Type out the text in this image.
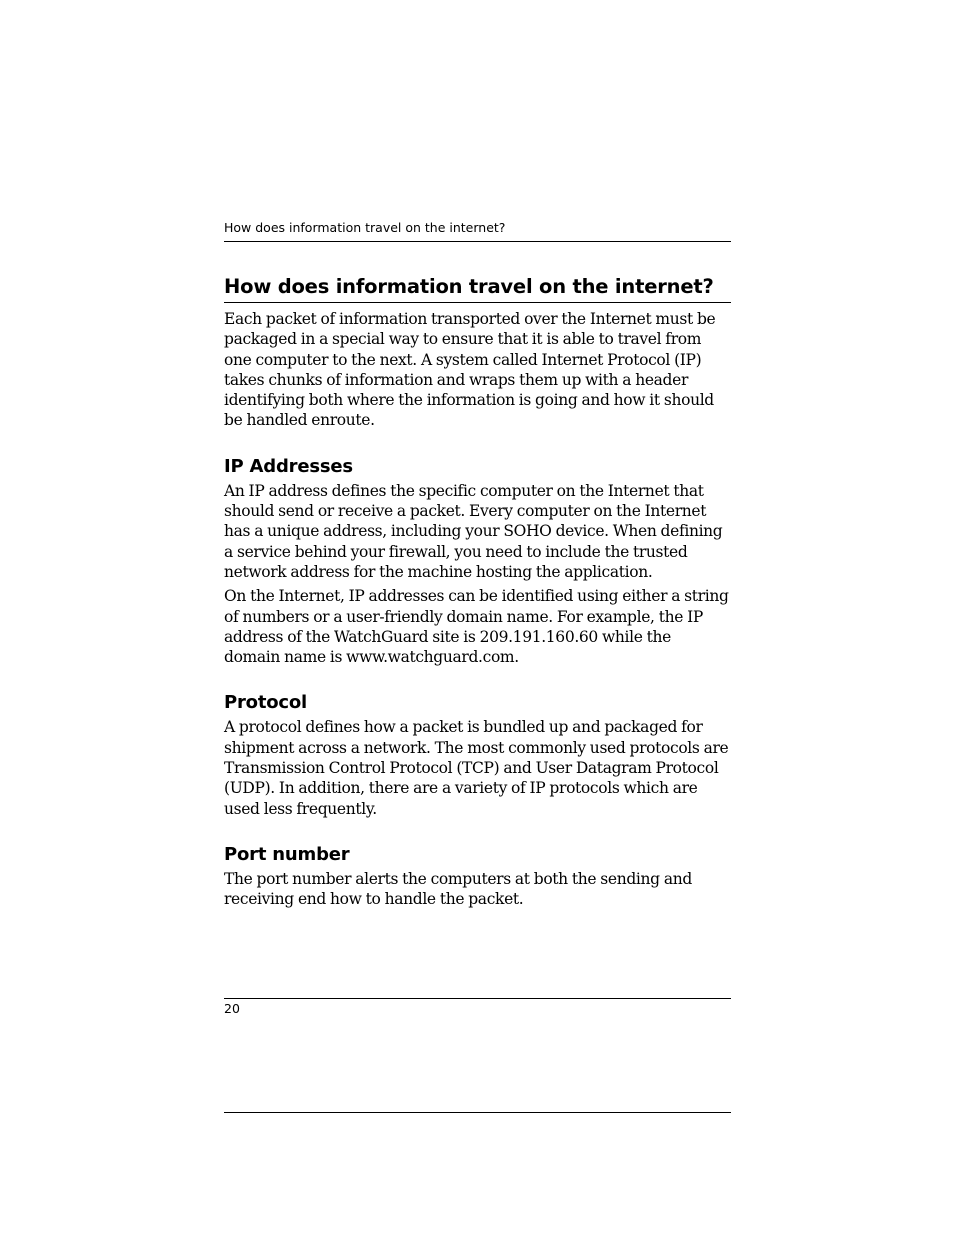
How does information travel on the internet?
How does information travel on the internet?

Each packet of information transported over the Internet must be packaged in a special way to ensure that it is able to travel from one computer to the next. A system called Internet Protocol (IP) takes chunks of information and wraps them up with a header identifying both where the information is going and how it should be handled enroute.

IP Addresses

An IP address defines the specific computer on the Internet that should send or receive a packet. Every computer on the Internet has a unique address, including your SOHO device. When defining a service behind your firewall, you need to include the trusted network address for the machine hosting the application.

On the Internet, IP addresses can be identified using either a string of numbers or a user-friendly domain name. For example, the IP address of the WatchGuard site is 209.191.160.60 while the domain name is www.watchguard.com.

Protocol

A protocol defines how a packet is bundled up and packaged for shipment across a network. The most commonly used protocols are Transmission Control Protocol (TCP) and User Datagram Protocol (UDP). In addition, there are a variety of IP protocols which are used less frequently.

Port number

The port number alerts the computers at both the sending and receiving end how to handle the packet.

20
